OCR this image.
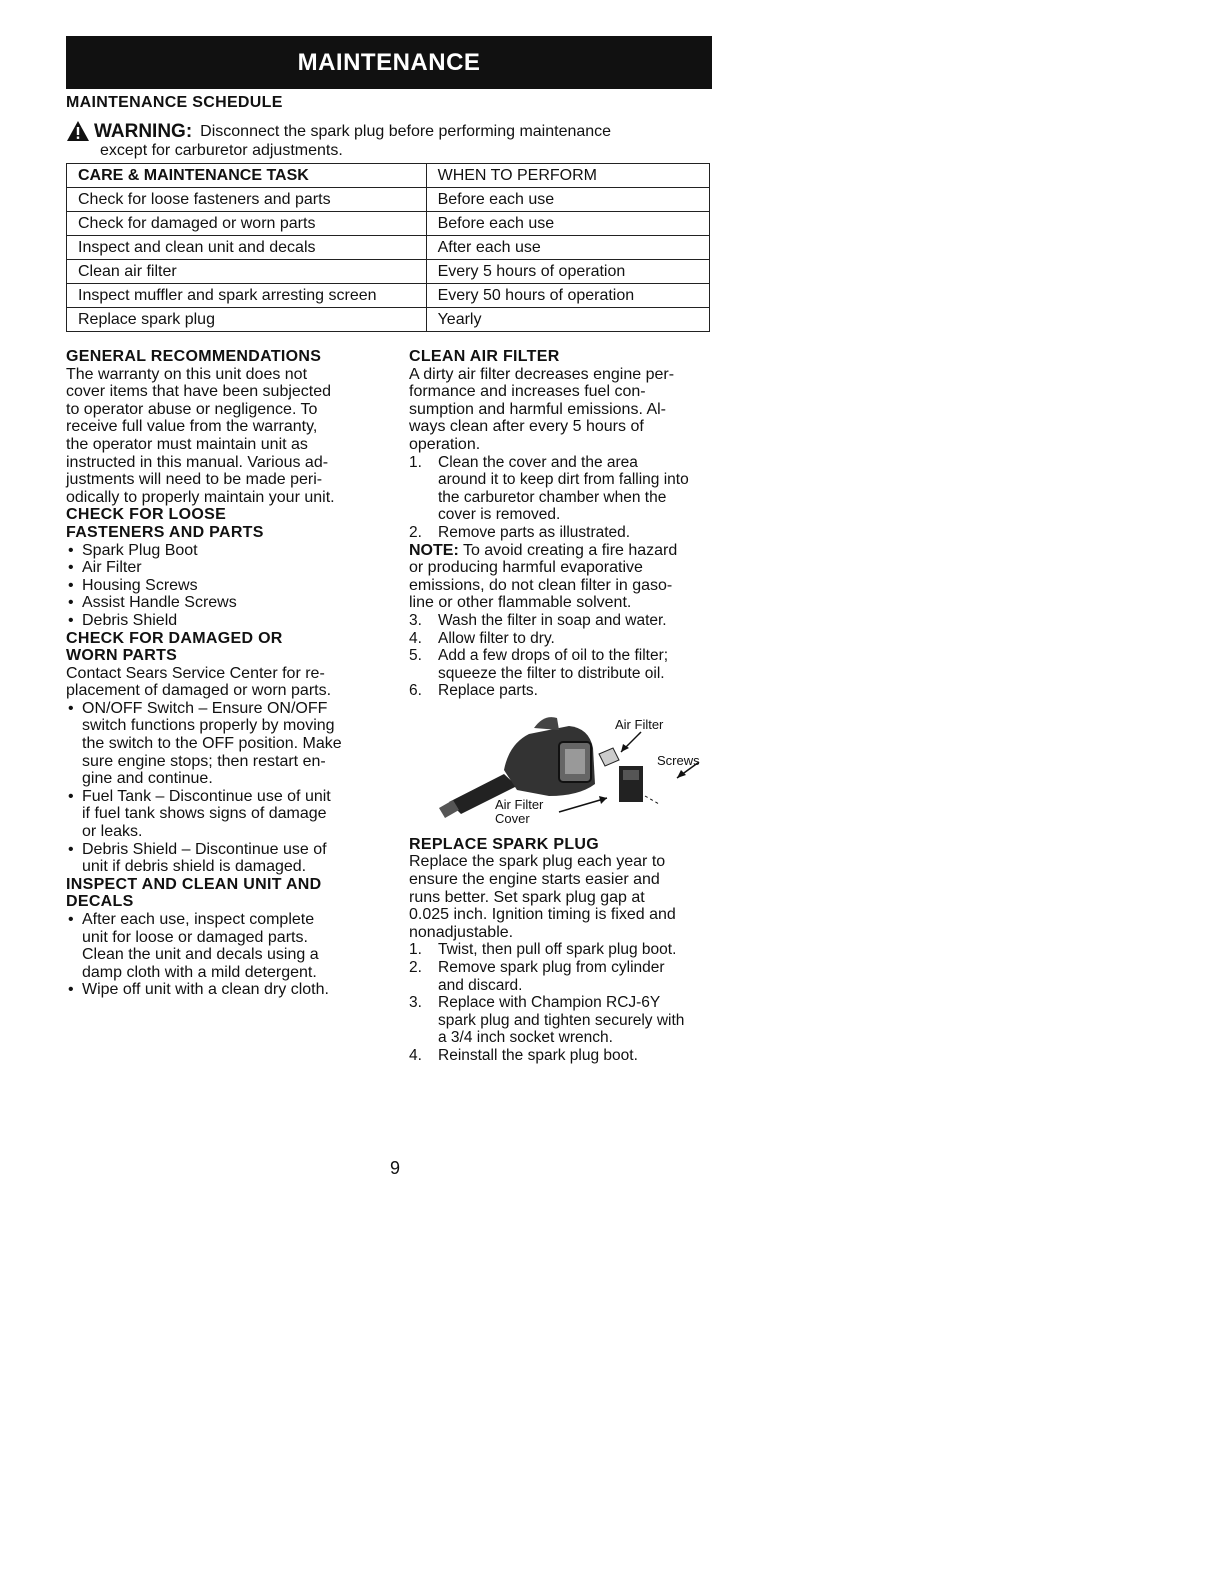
MAINTENANCE
MAINTENANCE SCHEDULE
WARNING: Disconnect the spark plug before performing maintenance
except for carburetor adjustments.
CARE & MAINTENANCE TASK	WHEN TO PERFORM
Check for loose fasteners and parts	Before each use
Check for damaged or worn parts	Before each use
Inspect and clean unit and decals	After each use
Clean air filter	Every 5 hours of operation
Inspect muffler and spark arresting screen	Every 50 hours of operation
Replace spark plug	Yearly
GENERAL RECOMMENDATIONS
The warranty on this unit does not
cover items that have been subjected
to operator abuse or negligence. To
receive full value from the warranty,
the operator must maintain unit as
instructed in this manual. Various ad-
justments will need to be made peri-
odically to properly maintain your unit.
CHECK FOR LOOSE
FASTENERS AND PARTS
• Spark Plug Boot
• Air Filter
• Housing Screws
• Assist Handle Screws
• Debris Shield
CHECK FOR DAMAGED OR
WORN PARTS
Contact Sears Service Center for re-
placement of damaged or worn parts.
• ON/OFF Switch – Ensure ON/OFF
switch functions properly by moving
the switch to the OFF position. Make
sure engine stops; then restart en-
gine and continue.
• Fuel Tank – Discontinue use of unit
if fuel tank shows signs of damage
or leaks.
• Debris Shield – Discontinue use of
unit if debris shield is damaged.
INSPECT AND CLEAN UNIT AND
DECALS
• After each use, inspect complete
unit for loose or damaged parts.
Clean the unit and decals using a
damp cloth with a mild detergent.
• Wipe off unit with a clean dry cloth.
CLEAN AIR FILTER
A dirty air filter decreases engine per-
formance and increases fuel con-
sumption and harmful emissions. Al-
ways clean after every 5 hours of
operation.
1. Clean the cover and the area
around it to keep dirt from falling into
the carburetor chamber when the
cover is removed.
2. Remove parts as illustrated.
NOTE: To avoid creating a fire hazard
or producing harmful evaporative
emissions, do not clean filter in gaso-
line or other flammable solvent.
3. Wash the filter in soap and water.
4. Allow filter to dry.
5. Add a few drops of oil to the filter;
squeeze the filter to distribute oil.
6. Replace parts.
Air Filter
Screws
Air Filter
Cover
REPLACE SPARK PLUG
Replace the spark plug each year to
ensure the engine starts easier and
runs better. Set spark plug gap at
0.025 inch. Ignition timing is fixed and
nonadjustable.
1. Twist, then pull off spark plug boot.
2. Remove spark plug from cylinder
and discard.
3. Replace with Champion RCJ-6Y
spark plug and tighten securely with
a 3/4 inch socket wrench.
4. Reinstall the spark plug boot.
9
